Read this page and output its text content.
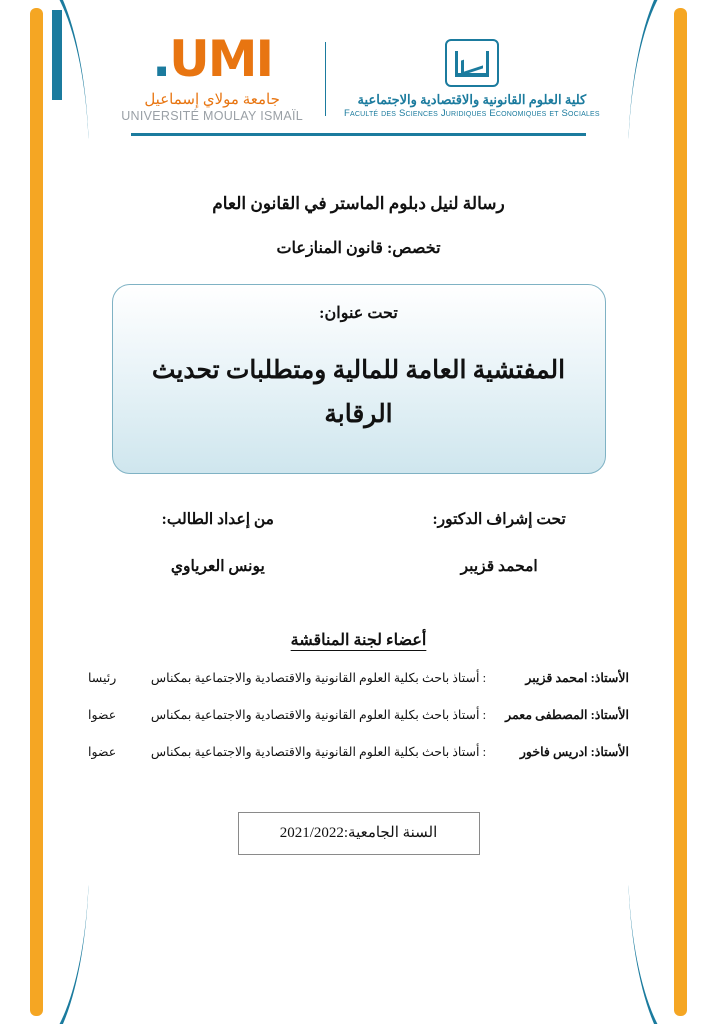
UMI.
جامعة مولاي إسماعيل
UNIVERSITÉ MOULAY ISMAÏL
كلية العلوم القانونية والاقتصادية والاجتماعية
Faculté des Sciences Juridiques Economiques et Sociales
رسالة لنيل دبلوم الماستر في القانون العام
تخصص: قانون المنازعات
تحت عنوان:
المفتشية العامة للمالية ومتطلبات تحديث الرقابة
تحت إشراف الدكتور:
امحمد قزيبر
من إعداد الطالب:
يونس العرياوي
أعضاء لجنة المناقشة
الأستاذ: امحمد قزيبر
: أستاذ باحث بكلية العلوم القانونية والاقتصادية والاجتماعية بمكناس
رئيسا
الأستاذ: المصطفى معمر
: أستاذ باحث بكلية العلوم القانونية والاقتصادية والاجتماعية بمكناس
عضوا
الأستاذ: ادريس فاخور
: أستاذ باحث بكلية العلوم القانونية والاقتصادية والاجتماعية بمكناس
عضوا
السنة الجامعية:2021/2022
